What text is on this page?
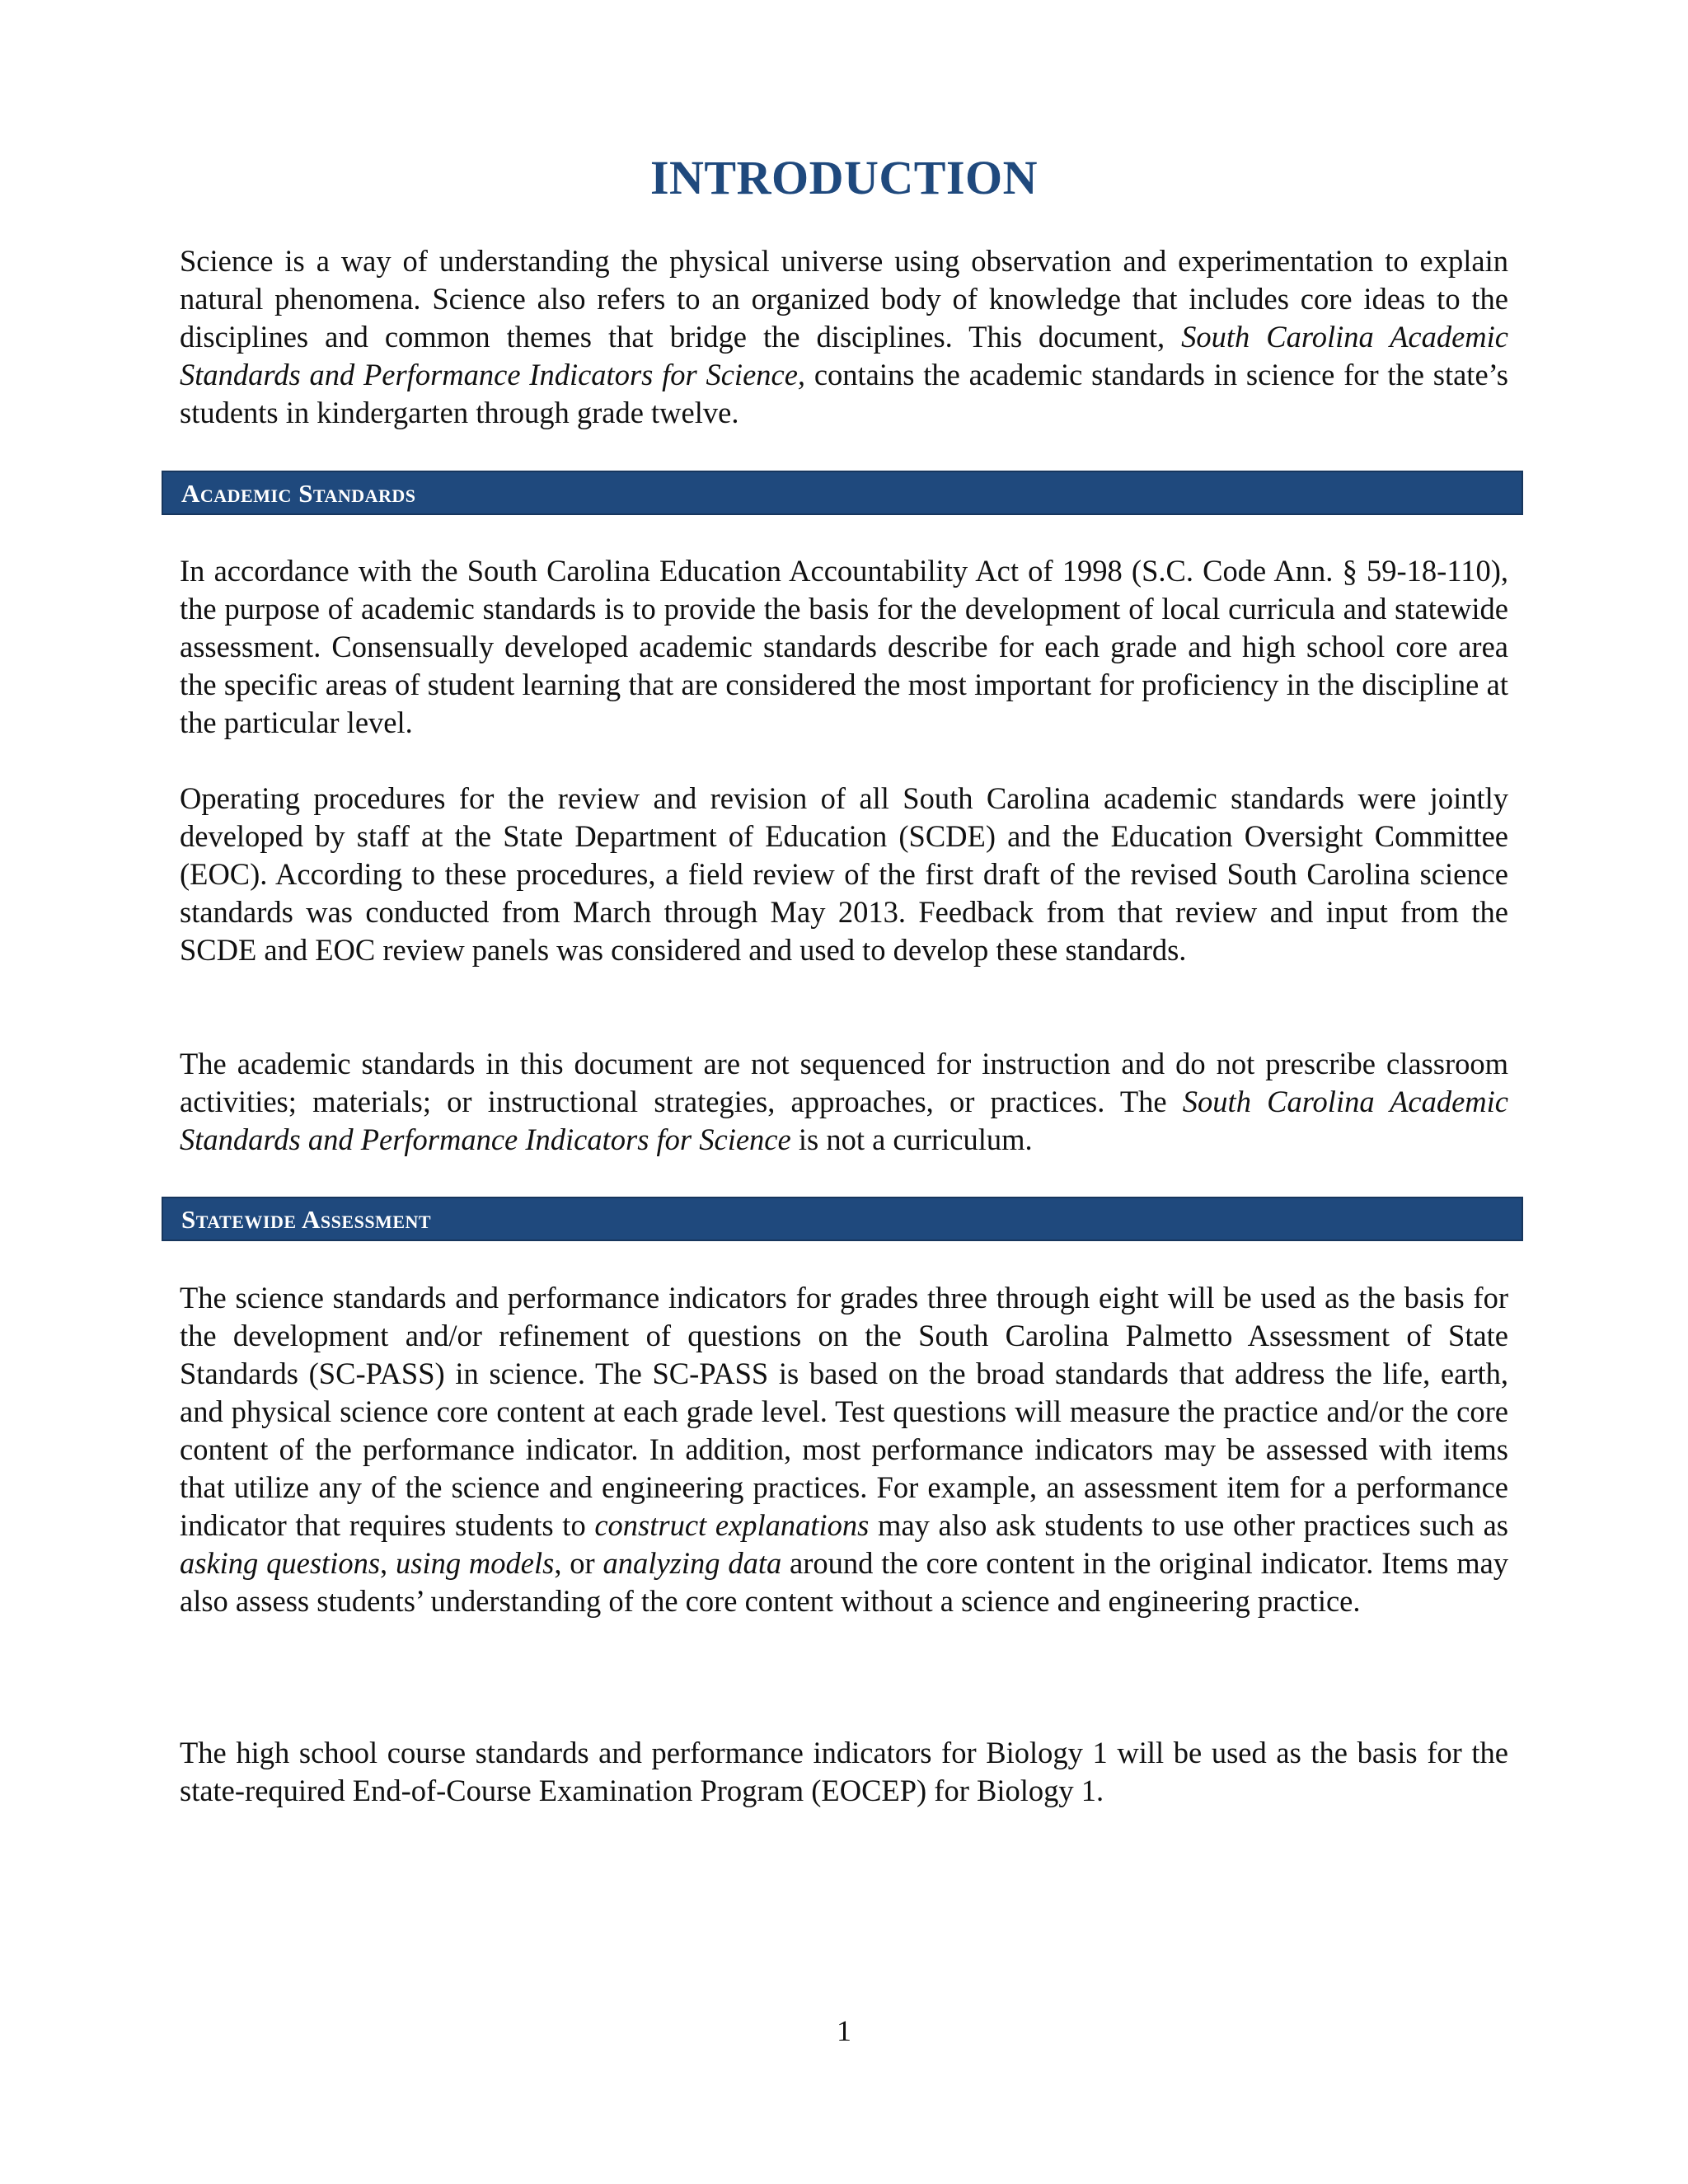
INTRODUCTION

Science is a way of understanding the physical universe using observation and experimentation to explain natural phenomena. Science also refers to an organized body of knowledge that includes core ideas to the disciplines and common themes that bridge the disciplines. This document, South Carolina Academic Standards and Performance Indicators for Science, contains the academic standards in science for the state’s students in kindergarten through grade twelve.

Academic Standards

In accordance with the South Carolina Education Accountability Act of 1998 (S.C. Code Ann. § 59-18-110), the purpose of academic standards is to provide the basis for the development of local curricula and statewide assessment. Consensually developed academic standards describe for each grade and high school core area the specific areas of student learning that are considered the most important for proficiency in the discipline at the particular level.

Operating procedures for the review and revision of all South Carolina academic standards were jointly developed by staff at the State Department of Education (SCDE) and the Education Oversight Committee (EOC). According to these procedures, a field review of the first draft of the revised South Carolina science standards was conducted from March through May 2013. Feedback from that review and input from the SCDE and EOC review panels was considered and used to develop these standards.

The academic standards in this document are not sequenced for instruction and do not prescribe classroom activities; materials; or instructional strategies, approaches, or practices. The South Carolina Academic Standards and Performance Indicators for Science is not a curriculum.

Statewide Assessment

The science standards and performance indicators for grades three through eight will be used as the basis for the development and/or refinement of questions on the South Carolina Palmetto Assessment of State Standards (SC-PASS) in science. The SC-PASS is based on the broad standards that address the life, earth, and physical science core content at each grade level. Test questions will measure the practice and/or the core content of the performance indicator. In addition, most performance indicators may be assessed with items that utilize any of the science and engineering practices. For example, an assessment item for a performance indicator that requires students to construct explanations may also ask students to use other practices such as asking questions, using models, or analyzing data around the core content in the original indicator. Items may also assess students’ understanding of the core content without a science and engineering practice.

The high school course standards and performance indicators for Biology 1 will be used as the basis for the state-required End-of-Course Examination Program (EOCEP) for Biology 1.

1
